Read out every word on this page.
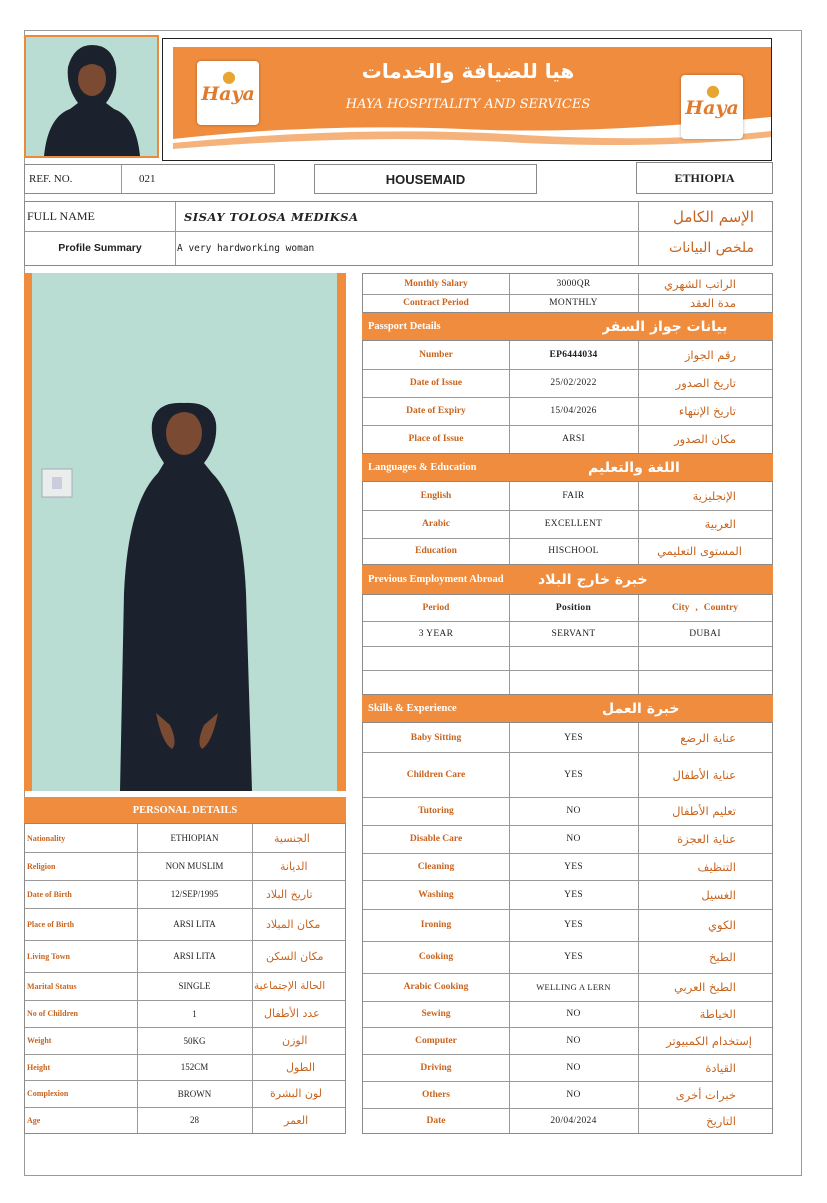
●
Haya	●
Haya
هيا للضيافة والخدمات
HAYA HOSPITALITY AND SERVICES
REF. NO.	021	HOUSEMAID	ETHIOPIA
FULL NAME	SISAY TOLOSA MEDIKSA	الإسم الكامل
Profile Summary	A very hardworking woman	ملخص البيانات
Monthly Salary	3000QR	الراتب الشهري
Contract Period	MONTHLY	مدة العقد
Passport Details	بيانات جواز السفر
Number	EP6444034	رقم الجواز
Date of Issue	25/02/2022	تاريخ الصدور
Date of Expiry	15/04/2026	تاريخ الإنتهاء
Place of Issue	ARSI	مكان الصدور
Languages & Education	اللغة والتعليم
English	FAIR	الإنجليزية
Arabic	EXCELLENT	العربية
Education	HISCHOOL	المستوى التعليمي
Previous Employment Abroad خبرة خارج البلاد
Period	Position	City , Country
3 YEAR	SERVANT	DUBAI
Skills & Experience	خبرة العمل
Baby Sitting	YES	عناية الرضع
Children Care	YES	عناية الأطفال
Tutoring	NO	تعليم الأطفال
Disable Care	NO	عناية العجزة
Cleaning	YES	التنظيف
Washing	YES	الغسيل
Ironing	YES	الكوي
Cooking	YES	الطبخ
Arabic Cooking	WELLING A LERN	الطبخ العربي
Sewing	NO	الخياطة
Computer	NO	إستخدام الكمبيوتر
Driving	NO	القيادة
Others	NO	خبرات أخرى
Date	20/04/2024	التاريخ
PERSONAL DETAILS
Nationality	ETHIOPIAN	الجنسية
Religion	NON MUSLIM	الديانة
Date of Birth	12/SEP/1995	تاريخ البلاد
Place of Birth	ARSI LITA	مكان الميلاد
Living Town	ARSI LITA	مكان السكن
Marital Status	SINGLE	الحالة الإجتماعية
No of Children	1	عدد الأطفال
Weight	50KG	الوزن
Height	152CM	الطول
Complexion	BROWN	لون البشرة
Age	28	العمر
